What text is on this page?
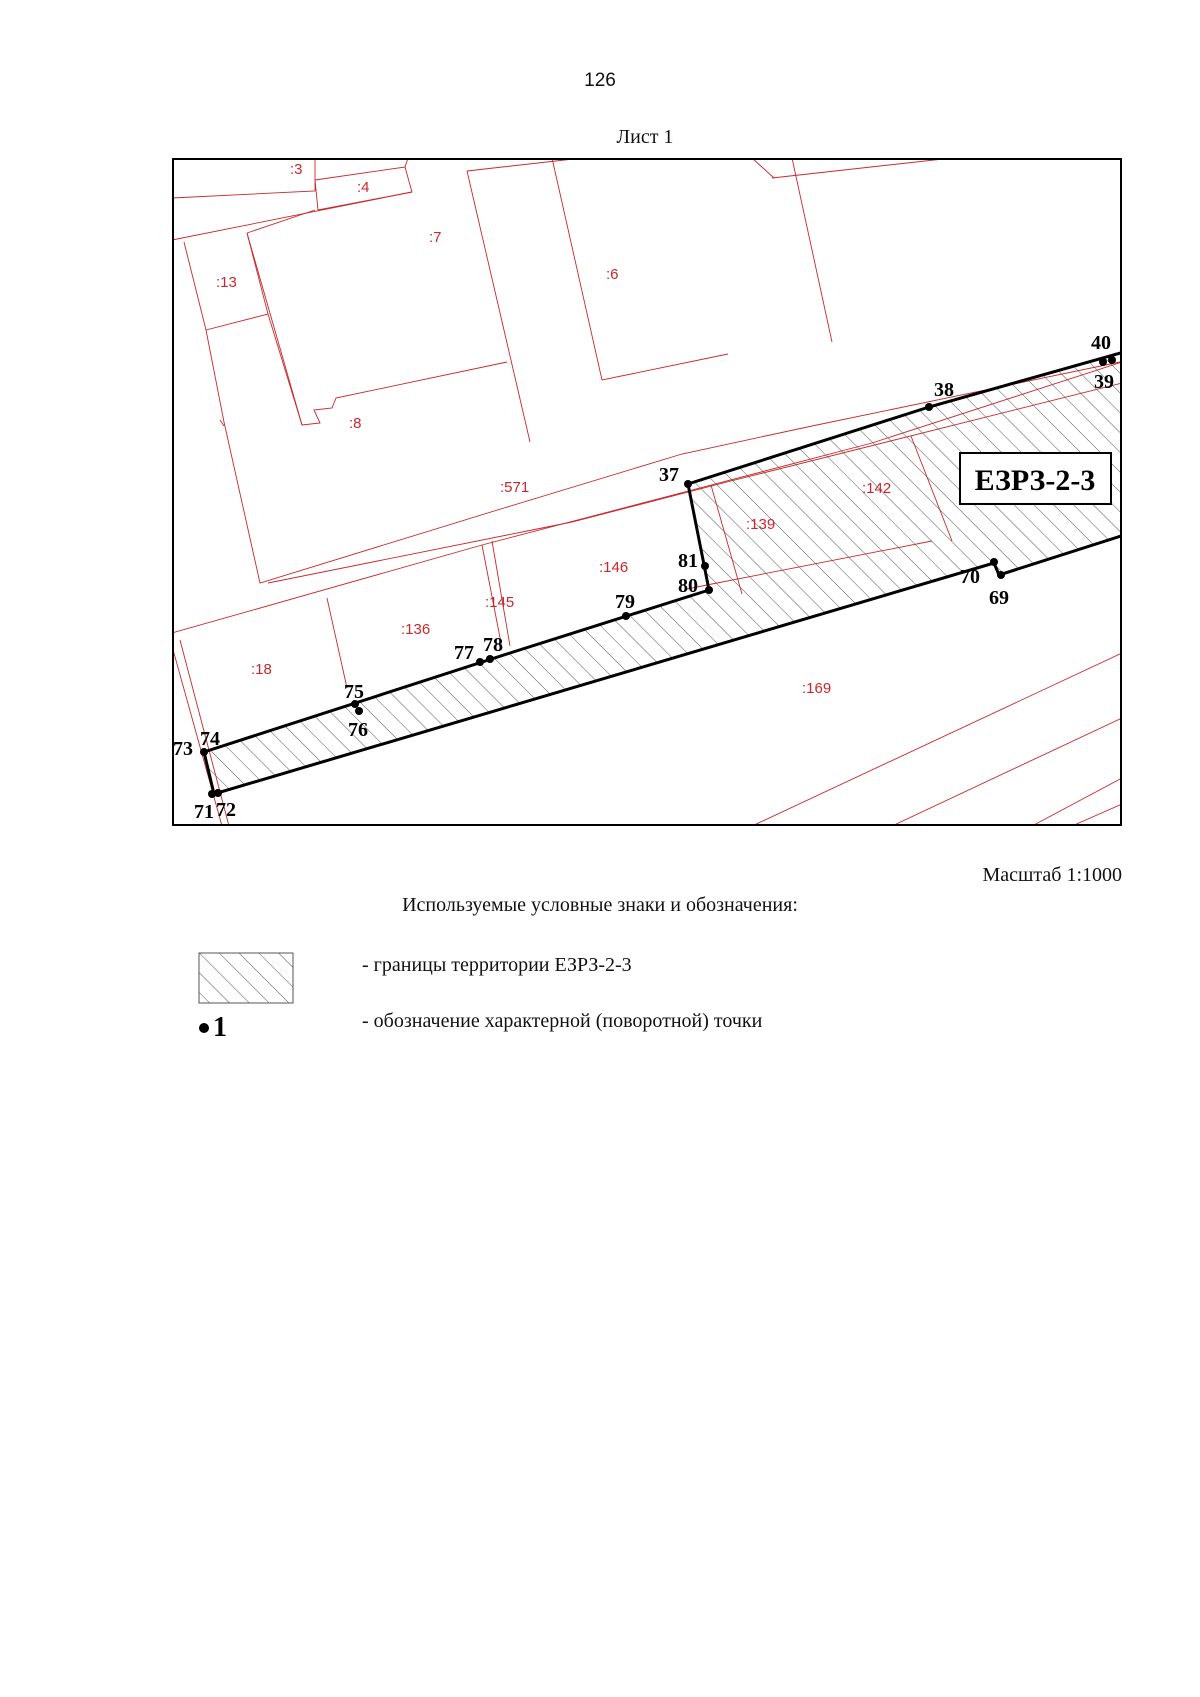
126
Лист 1
:3
:4
:7
:13	:6
:8
:571	:142
:139
:146
:145
:136
:18
:169
40
39
38
37
81
80
79
77 78
75
76
73 74
71 72
70
69
ЕЗРЗ-2-3
Масштаб 1:1000
Используемые условные знаки и обозначения:
- границы территории ЕЗРЗ-2-3
1	- обозначение характерной (поворотной) точки
